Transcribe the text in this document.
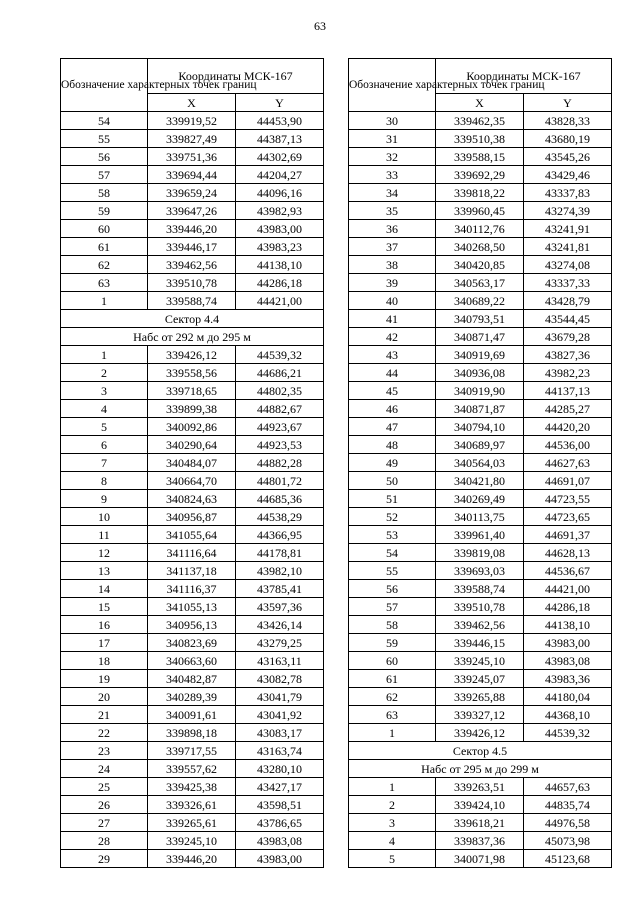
63
Обозначение характерных точек границ	Координаты МСК-167	
	X	Y
54	339919,52	44453,90
55	339827,49	44387,13
56	339751,36	44302,69
57	339694,44	44204,27
58	339659,24	44096,16
59	339647,26	43982,93
60	339446,20	43983,00
61	339446,17	43983,23
62	339462,56	44138,10
63	339510,78	44286,18
1	339588,74	44421,00
Сектор 4.4		
Набс от 292 м до 295 м		
1	339426,12	44539,32
2	339558,56	44686,21
3	339718,65	44802,35
4	339899,38	44882,67
5	340092,86	44923,67
6	340290,64	44923,53
7	340484,07	44882,28
8	340664,70	44801,72
9	340824,63	44685,36
10	340956,87	44538,29
11	341055,64	44366,95
12	341116,64	44178,81
13	341137,18	43982,10
14	341116,37	43785,41
15	341055,13	43597,36
16	340956,13	43426,14
17	340823,69	43279,25
18	340663,60	43163,11
19	340482,87	43082,78
20	340289,39	43041,79
21	340091,61	43041,92
22	339898,18	43083,17
23	339717,55	43163,74
24	339557,62	43280,10
25	339425,38	43427,17
26	339326,61	43598,51
27	339265,61	43786,65
28	339245,10	43983,08
29	339446,20	43983,00
Обозначение характерных точек границ	Координаты МСК-167	
	X	Y
30	339462,35	43828,33
31	339510,38	43680,19
32	339588,15	43545,26
33	339692,29	43429,46
34	339818,22	43337,83
35	339960,45	43274,39
36	340112,76	43241,91
37	340268,50	43241,81
38	340420,85	43274,08
39	340563,17	43337,33
40	340689,22	43428,79
41	340793,51	43544,45
42	340871,47	43679,28
43	340919,69	43827,36
44	340936,08	43982,23
45	340919,90	44137,13
46	340871,87	44285,27
47	340794,10	44420,20
48	340689,97	44536,00
49	340564,03	44627,63
50	340421,80	44691,07
51	340269,49	44723,55
52	340113,75	44723,65
53	339961,40	44691,37
54	339819,08	44628,13
55	339693,03	44536,67
56	339588,74	44421,00
57	339510,78	44286,18
58	339462,56	44138,10
59	339446,15	43983,00
60	339245,10	43983,08
61	339245,07	43983,36
62	339265,88	44180,04
63	339327,12	44368,10
1	339426,12	44539,32
Сектор 4.5		
Набс от 295 м до 299 м		
1	339263,51	44657,63
2	339424,10	44835,74
3	339618,21	44976,58
4	339837,36	45073,98
5	340071,98	45123,68
